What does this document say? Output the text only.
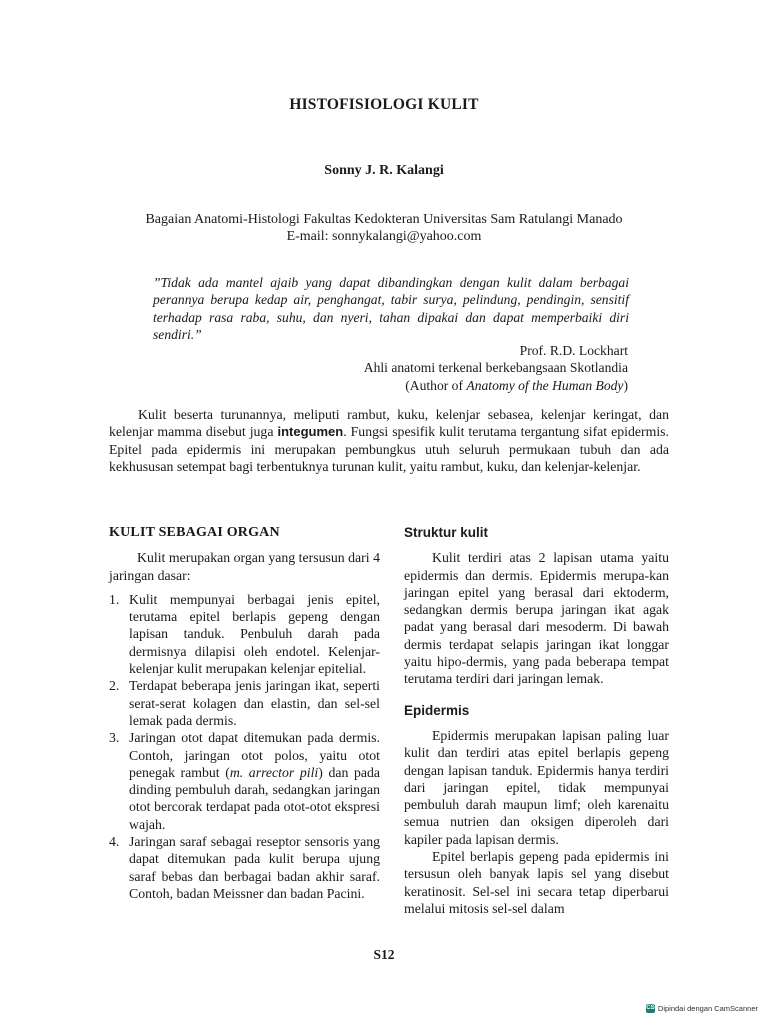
HISTOFISIOLOGI KULIT
Sonny J. R. Kalangi
Bagaian Anatomi-Histologi Fakultas Kedokteran Universitas Sam Ratulangi Manado
E-mail: sonnykalangi@yahoo.com
”Tidak ada mantel ajaib yang dapat dibandingkan dengan kulit dalam berbagai perannya berupa kedap air, penghangat, tabir surya, pelindung, pendingin, sensitif terhadap rasa raba, suhu, dan nyeri, tahan dipakai dan dapat memperbaiki diri sendiri.”
Prof. R.D. Lockhart
Ahli anatomi terkenal berkebangsaan Skotlandia
(Author of Anatomy of the Human Body)

Kulit beserta turunannya, meliputi rambut, kuku, kelenjar sebasea, kelenjar keringat, dan kelenjar mamma disebut juga integumen. Fungsi spesifik kulit terutama tergantung sifat epidermis. Epitel pada epidermis ini merupakan pembungkus utuh seluruh permukaan tubuh dan ada kekhususan setempat bagi terbentuknya turunan kulit, yaitu rambut, kuku, dan kelenjar-kelenjar.

KULIT SEBAGAI ORGAN

Kulit merupakan organ yang tersusun dari 4 jaringan dasar:

1. Kulit mempunyai berbagai jenis epitel, terutama epitel berlapis gepeng dengan lapisan tanduk. Penbuluh darah pada dermisnya dilapisi oleh endotel. Kelenjar-kelenjar kulit merupakan kelenjar epitelial.
2. Terdapat beberapa jenis jaringan ikat, seperti serat-serat kolagen dan elastin, dan sel-sel lemak pada dermis.
3. Jaringan otot dapat ditemukan pada dermis. Contoh, jaringan otot polos, yaitu otot penegak rambut (m. arrector pili) dan pada dinding pembuluh darah, sedangkan jaringan otot bercorak terdapat pada otot-otot ekspresi wajah.
4. Jaringan saraf sebagai reseptor sensoris yang dapat ditemukan pada kulit berupa ujung saraf bebas dan berbagai badan akhir saraf. Contoh, badan Meissner dan badan Pacini.
Struktur kulit

Kulit terdiri atas 2 lapisan utama yaitu epidermis dan dermis. Epidermis merupa-kan jaringan epitel yang berasal dari ektoderm, sedangkan dermis berupa jaringan ikat agak padat yang berasal dari mesoderm. Di bawah dermis terdapat selapis jaringan ikat longgar yaitu hipo-dermis, yang pada beberapa tempat terutama terdiri dari jaringan lemak.

Epidermis

Epidermis merupakan lapisan paling luar kulit dan terdiri atas epitel berlapis gepeng dengan lapisan tanduk. Epidermis hanya terdiri dari jaringan epitel, tidak mempunyai pembuluh darah maupun limf; oleh karenaitu semua nutrien dan oksigen diperoleh dari kapiler pada lapisan dermis.

Epitel berlapis gepeng pada epidermis ini tersusun oleh banyak lapis sel yang disebut keratinosit. Sel-sel ini secara tetap diperbarui melalui mitosis sel-sel dalam

S12
CS Dipindai dengan CamScanner
